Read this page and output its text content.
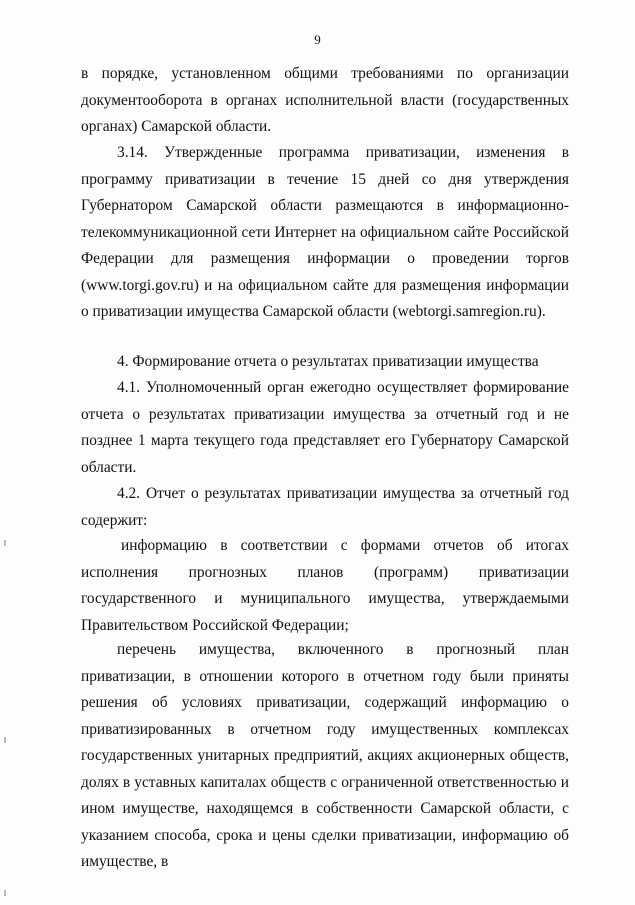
9

в порядке, установленном общими требованиями по организации документооборота в органах исполнительной власти (государственных органах) Самарской области.

3.14. Утвержденные программа приватизации, изменения в программу приватизации в течение 15 дней со дня утверждения Губернатором Самарской области размещаются в информационно-телекоммуникационной сети Интернет на официальном сайте Российской Федерации для размещения информации о проведении торгов (www.torgi.gov.ru) и на официальном сайте для размещения информации о приватизации имущества Самарской области (webtorgi.samregion.ru).

4. Формирование отчета о результатах приватизации имущества

4.1. Уполномоченный орган ежегодно осуществляет формирование отчета о результатах приватизации имущества за отчетный год и не позднее 1 марта текущего года представляет его Губернатору Самарской области.

4.2. Отчет о результатах приватизации имущества за отчетный год содержит:

информацию в соответствии с формами отчетов об итогах исполнения прогнозных планов (программ) приватизации государственного и муниципального имущества, утверждаемыми Правительством Российской Федерации;

перечень имущества, включенного в прогнозный план приватизации, в отношении которого в отчетном году были приняты решения об условиях приватизации, содержащий информацию о приватизированных в отчетном году имущественных комплексах государственных унитарных предприятий, акциях акционерных обществ, долях в уставных капиталах обществ с ограниченной ответственностью и ином имуществе, находящемся в собственности Самарской области, с указанием способа, срока и цены сделки приватизации, информацию об имуществе, в
